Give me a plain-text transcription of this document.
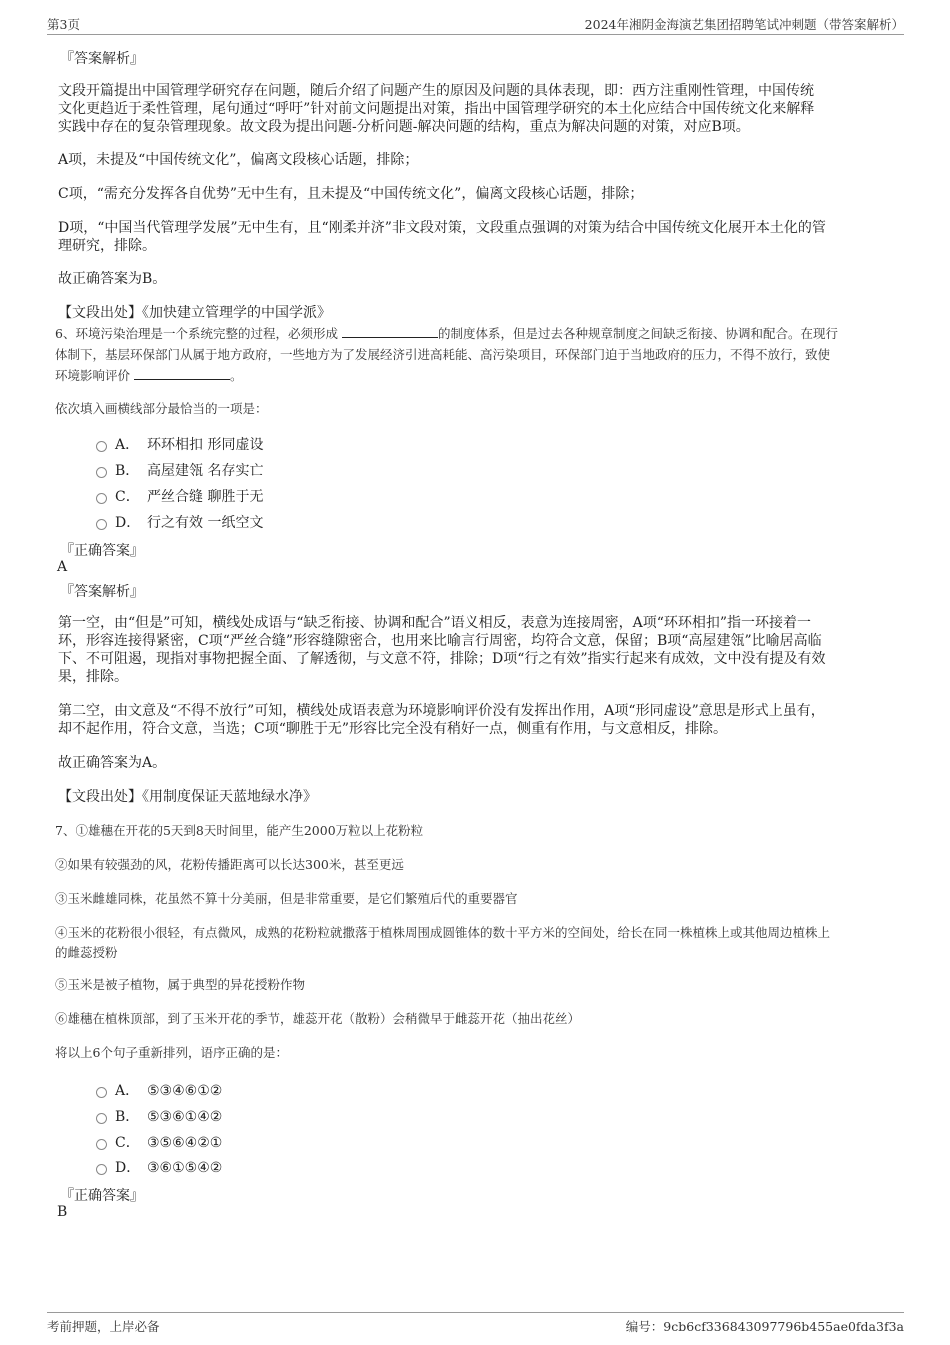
第3页	2024年湘阴金海演艺集团招聘笔试冲刺题（带答案解析）

『答案解析』

文段开篇提出中国管理学研究存在问题，随后介绍了问题产生的原因及问题的具体表现，即：西方注重刚性管理，中国传统

文化更趋近于柔性管理，尾句通过“呼吁”针对前文问题提出对策，指出中国管理学研究的本土化应结合中国传统文化来解释

实践中存在的复杂管理现象。故文段为提出问题-分析问题-解决问题的结构，重点为解决问题的对策，对应B项。

A项，未提及“中国传统文化”，偏离文段核心话题，排除；

C项，“需充分发挥各自优势”无中生有，且未提及“中国传统文化”，偏离文段核心话题，排除；

D项，“中国当代管理学发展”无中生有，且“刚柔并济”非文段对策，文段重点强调的对策为结合中国传统文化展开本土化的管

理研究，排除。

故正确答案为B。

【文段出处】《加快建立管理学的中国学派》

6、环境污染治理是一个系统完整的过程，必须形成	的制度体系，但是过去各种规章制度之间缺乏衔接、协调和配合。在现行

体制下，基层环保部门从属于地方政府，一些地方为了发展经济引进高耗能、高污染项目，环保部门迫于当地政府的压力，不得不放行，致使

环境影响评价	。

依次填入画横线部分最恰当的一项是：

A． 环环相扣 形同虚设
B． 高屋建瓴 名存实亡
C． 严丝合缝 聊胜于无
D． 行之有效 一纸空文

『正确答案』

A

『答案解析』

第一空，由“但是”可知，横线处成语与“缺乏衔接、协调和配合”语义相反，表意为连接周密，A项“环环相扣”指一环接着一

环，形容连接得紧密，C项“严丝合缝”形容缝隙密合，也用来比喻言行周密，均符合文意，保留；B项“高屋建瓴”比喻居高临

下、不可阻遏，现指对事物把握全面、了解透彻，与文意不符，排除；D项“行之有效”指实行起来有成效，文中没有提及有效

果，排除。

第二空，由文意及“不得不放行”可知，横线处成语表意为环境影响评价没有发挥出作用，A项“形同虚设”意思是形式上虽有，

却不起作用，符合文意，当选；C项“聊胜于无”形容比完全没有稍好一点，侧重有作用，与文意相反，排除。

故正确答案为A。

【文段出处】《用制度保证天蓝地绿水净》

7、①雄穗在开花的5天到8天时间里，能产生2000万粒以上花粉粒

②如果有较强劲的风，花粉传播距离可以长达300米，甚至更远

③玉米雌雄同株，花虽然不算十分美丽，但是非常重要，是它们繁殖后代的重要器官

④玉米的花粉很小很轻，有点微风，成熟的花粉粒就撒落于植株周围成圆锥体的数十平方米的空间处，给长在同一株植株上或其他周边植株上

的雌蕊授粉

⑤玉米是被子植物，属于典型的异花授粉作物

⑥雄穗在植株顶部，到了玉米开花的季节，雄蕊开花（散粉）会稍微早于雌蕊开花（抽出花丝）

将以上6个句子重新排列，语序正确的是：

A． ⑤③④⑥①②
B． ⑤③⑥①④②
C． ③⑤⑥④②①
D． ③⑥①⑤④②

『正确答案』

B

考前押题，上岸必备	编号：9cb6cf336843097796b455ae0fda3f3a
